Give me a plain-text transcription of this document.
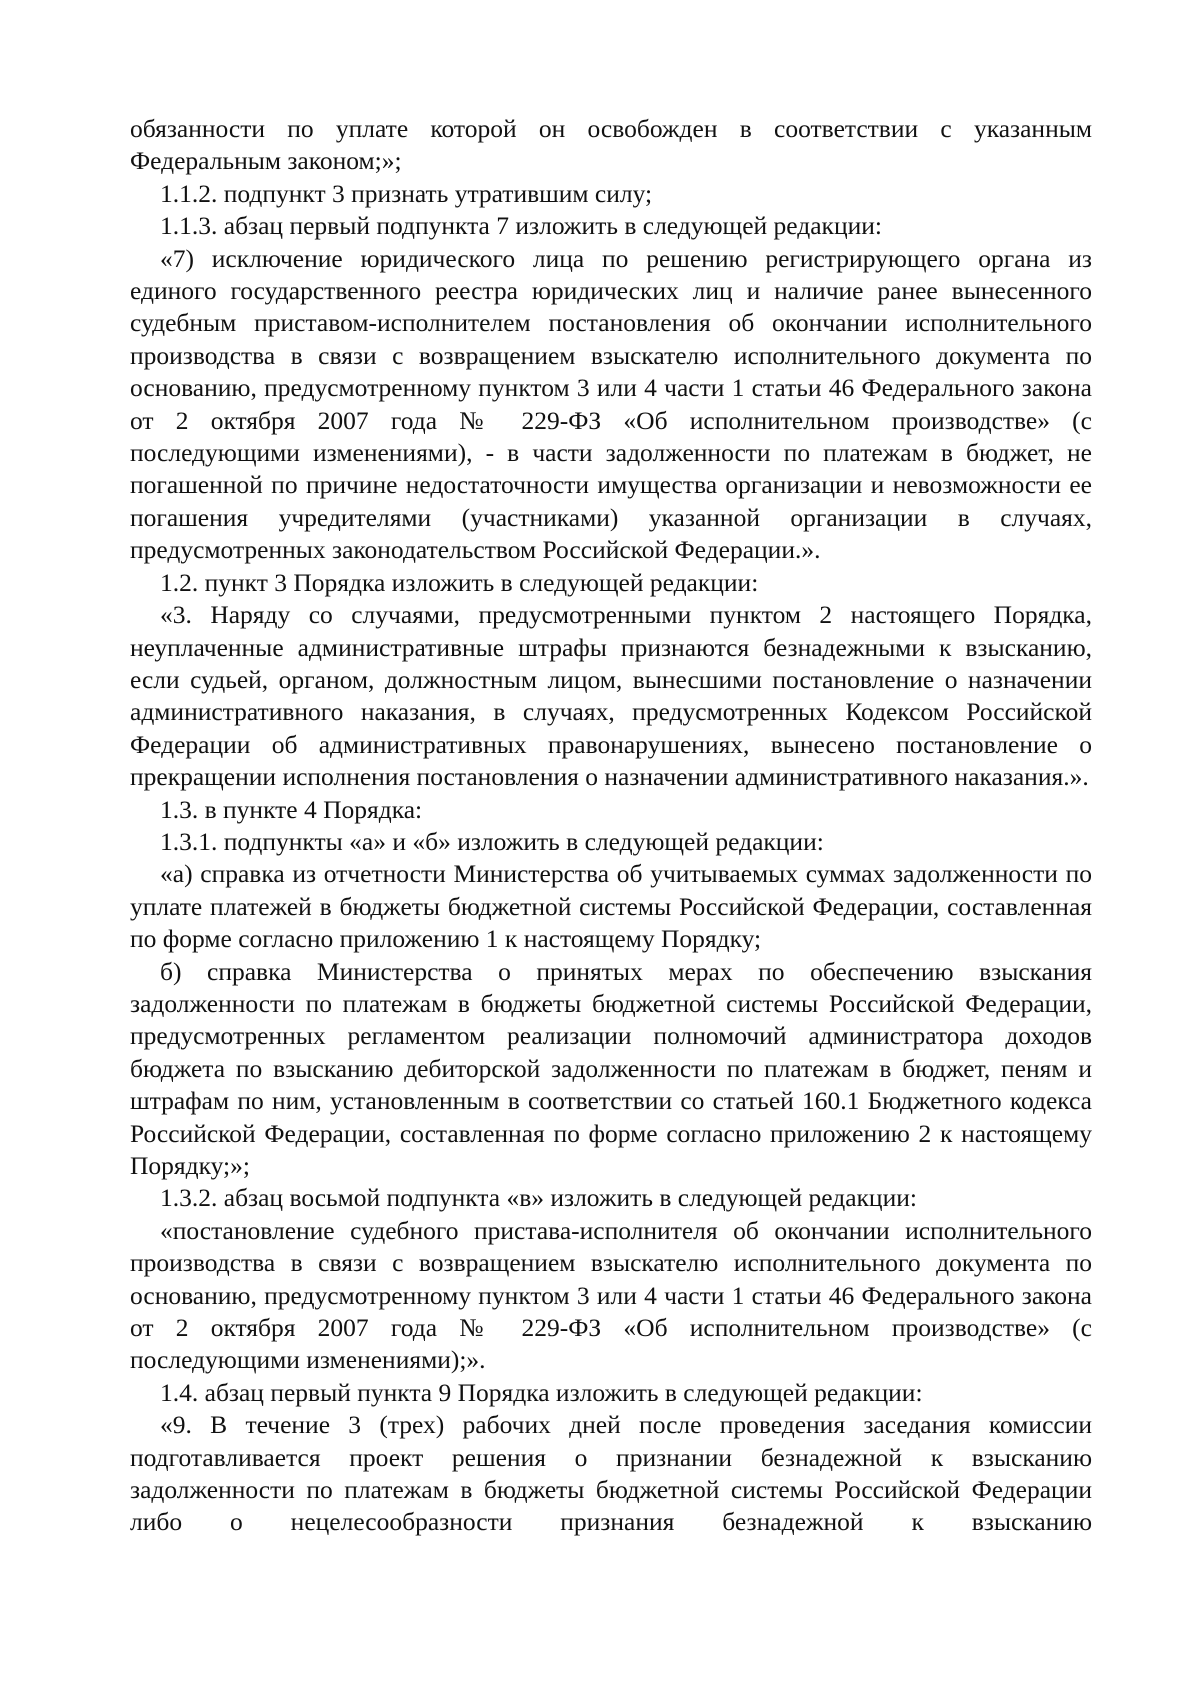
обязанности по уплате которой он освобожден в соответствии с указанным Федеральным законом;»;

1.1.2. подпункт 3 признать утратившим силу;

1.1.3. абзац первый подпункта 7 изложить в следующей редакции:

«7) исключение юридического лица по решению регистрирующего органа из единого государственного реестра юридических лиц и наличие ранее вынесенного судебным приставом-исполнителем постановления об окончании исполнительного производства в связи с возвращением взыскателю исполнительного документа по основанию, предусмотренному пунктом 3 или 4 части 1 статьи 46 Федерального закона от 2 октября 2007 года № 229-ФЗ «Об исполнительном производстве» (с последующими изменениями), - в части задолженности по платежам в бюджет, не погашенной по причине недостаточности имущества организации и невозможности ее погашения учредителями (участниками) указанной организации в случаях, предусмотренных законодательством Российской Федерации.».

1.2. пункт 3 Порядка изложить в следующей редакции:

«3. Наряду со случаями, предусмотренными пунктом 2 настоящего Порядка, неуплаченные административные штрафы признаются безнадежными к взысканию, если судьей, органом, должностным лицом, вынесшими постановление о назначении административного наказания, в случаях, предусмотренных Кодексом Российской Федерации об административных правонарушениях, вынесено постановление о прекращении исполнения постановления о назначении административного наказания.».

1.3. в пункте 4 Порядка:

1.3.1. подпункты «а» и «б» изложить в следующей редакции:

«а) справка из отчетности Министерства об учитываемых суммах задолженности по уплате платежей в бюджеты бюджетной системы Российской Федерации, составленная по форме согласно приложению 1 к настоящему Порядку;

б) справка Министерства о принятых мерах по обеспечению взыскания задолженности по платежам в бюджеты бюджетной системы Российской Федерации, предусмотренных регламентом реализации полномочий администратора доходов бюджета по взысканию дебиторской задолженности по платежам в бюджет, пеням и штрафам по ним, установленным в соответствии со статьей 160.1 Бюджетного кодекса Российской Федерации, составленная по форме согласно приложению 2 к настоящему Порядку;»;

1.3.2. абзац восьмой подпункта «в» изложить в следующей редакции:

«постановление судебного пристава-исполнителя об окончании исполнительного производства в связи с возвращением взыскателю исполнительного документа по основанию, предусмотренному пунктом 3 или 4 части 1 статьи 46 Федерального закона от 2 октября 2007 года № 229-ФЗ «Об исполнительном производстве» (с последующими изменениями);».

1.4. абзац первый пункта 9 Порядка изложить в следующей редакции:

«9. В течение 3 (трех) рабочих дней после проведения заседания комиссии подготавливается проект решения о признании безнадежной к взысканию задолженности по платежам в бюджеты бюджетной системы Российской Федерации либо о нецелесообразности признания безнадежной к взысканию
